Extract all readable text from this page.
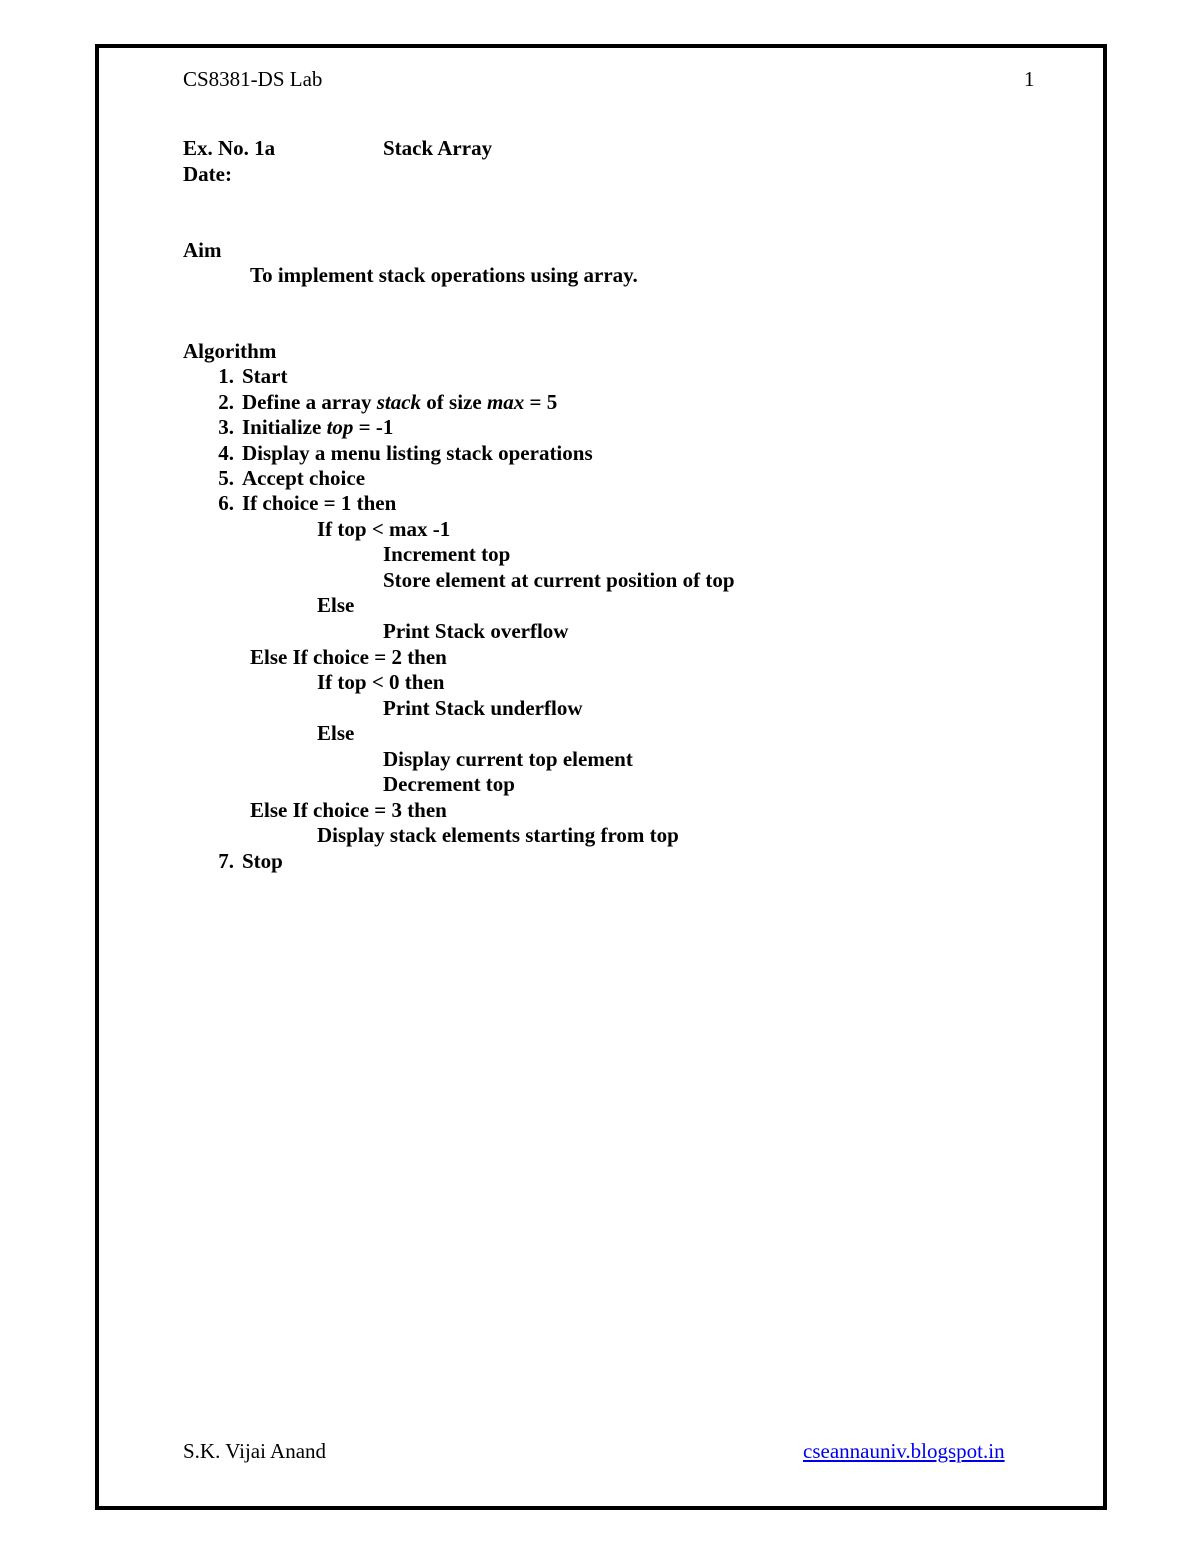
CS8381-DS Lab	1
Ex. No. 1a	Stack Array
Date:
Aim
To implement stack operations using array.
Algorithm
1. Start
2. Define a array stack of size max = 5
3. Initialize top = -1
4. Display a menu listing stack operations
5. Accept choice
6. If choice = 1 then
If top < max -1
Increment top
Store element at current position of top
Else
Print Stack overflow
Else If choice = 2 then
If top < 0 then
Print Stack underflow
Else
Display current top element
Decrement top
Else If choice = 3 then
Display stack elements starting from top
7. Stop
S.K. Vijai Anand	cseannauniv.blogspot.in
